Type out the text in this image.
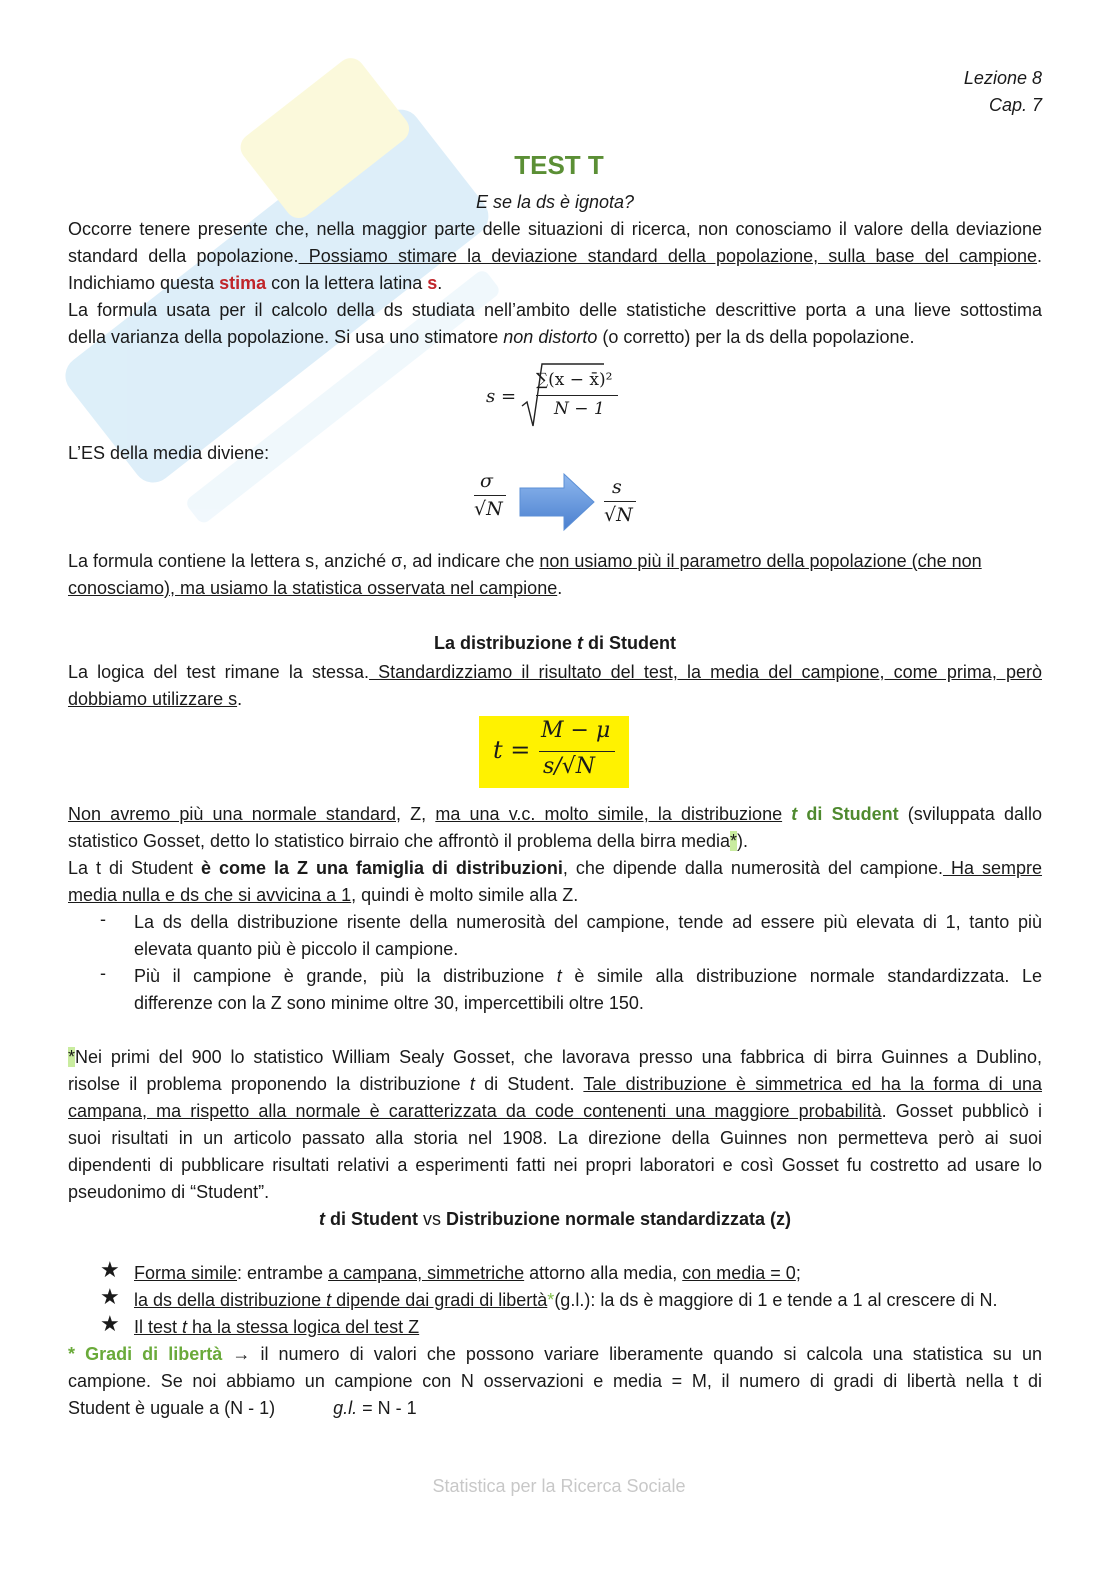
Lezione 8
Cap. 7
TEST T
E se la ds è ignota?
Occorre tenere presente che, nella maggior parte delle situazioni di ricerca, non conosciamo il valore della deviazione
standard della popolazione. Possiamo stimare la deviazione standard della popolazione, sulla base del campione.
Indichiamo questa stima con la lettera latina s.
La formula usata per il calcolo della ds studiata nell’ambito delle statistiche descrittive porta a una lieve sottostima
della varianza della popolazione. Si usa uno stimatore non distorto (o corretto) per la ds della popolazione.
s =
∑(x − x̄)²
N − 1
L’ES della media diviene:
σ
√N
s
√N
La formula contiene la lettera s, anziché σ, ad indicare che non usiamo più il parametro della popolazione (che non
conosciamo), ma usiamo la statistica osservata nel campione.
La distribuzione t di Student
La logica del test rimane la stessa. Standardizziamo il risultato del test, la media del campione, come prima, però
dobbiamo utilizzare s.
t =
M − μ
s/√N
Non avremo più una normale standard, Z, ma una v.c. molto simile, la distribuzione t di Student (sviluppata dallo
statistico Gosset, detto lo statistico birraio che affrontò il problema della birra media*).
La t di Student è come la Z una famiglia di distribuzioni, che dipende dalla numerosità del campione. Ha sempre
media nulla e ds che si avvicina a 1, quindi è molto simile alla Z.
- La ds della distribuzione risente della numerosità del campione, tende ad essere più elevata di 1, tanto più
elevata quanto più è piccolo il campione.
- Più il campione è grande, più la distribuzione t è simile alla distribuzione normale standardizzata. Le
differenze con la Z sono minime oltre 30, impercettibili oltre 150.
*Nei primi del 900 lo statistico William Sealy Gosset, che lavorava presso una fabbrica di birra Guinnes a Dublino,
risolse il problema proponendo la distribuzione t di Student. Tale distribuzione è simmetrica ed ha la forma di una
campana, ma rispetto alla normale è caratterizzata da code contenenti una maggiore probabilità. Gosset pubblicò i
suoi risultati in un articolo passato alla storia nel 1908. La direzione della Guinnes non permetteva però ai suoi
dipendenti di pubblicare risultati relativi a esperimenti fatti nei propri laboratori e così Gosset fu costretto ad usare lo
pseudonimo di “Student”.
t di Student vs Distribuzione normale standardizzata (z)
★ Forma simile: entrambe a campana, simmetriche attorno alla media, con media = 0;
★ la ds della distribuzione t dipende dai gradi di libertà*(g.l.): la ds è maggiore di 1 e tende a 1 al crescere di N.
★ Il test t ha la stessa logica del test Z
* Gradi di libertà → il numero di valori che possono variare liberamente quando si calcola una statistica su un
campione. Se noi abbiamo un campione con N osservazioni e media = M, il numero di gradi di libertà nella t di
Student è uguale a (N - 1)	g.l. = N - 1
Statistica per la Ricerca Sociale
